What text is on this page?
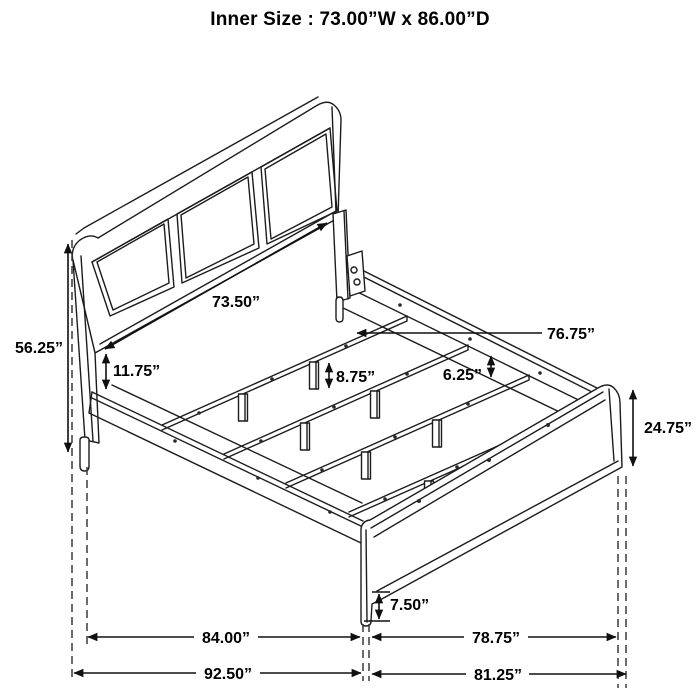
Inner Size : 73.00”W x 86.00”D
56.25”
73.50”
11.75”	8.75”	6.25”
76.75”
24.75”
7.50”
84.00”	78.75”
92.50”	81.25”
